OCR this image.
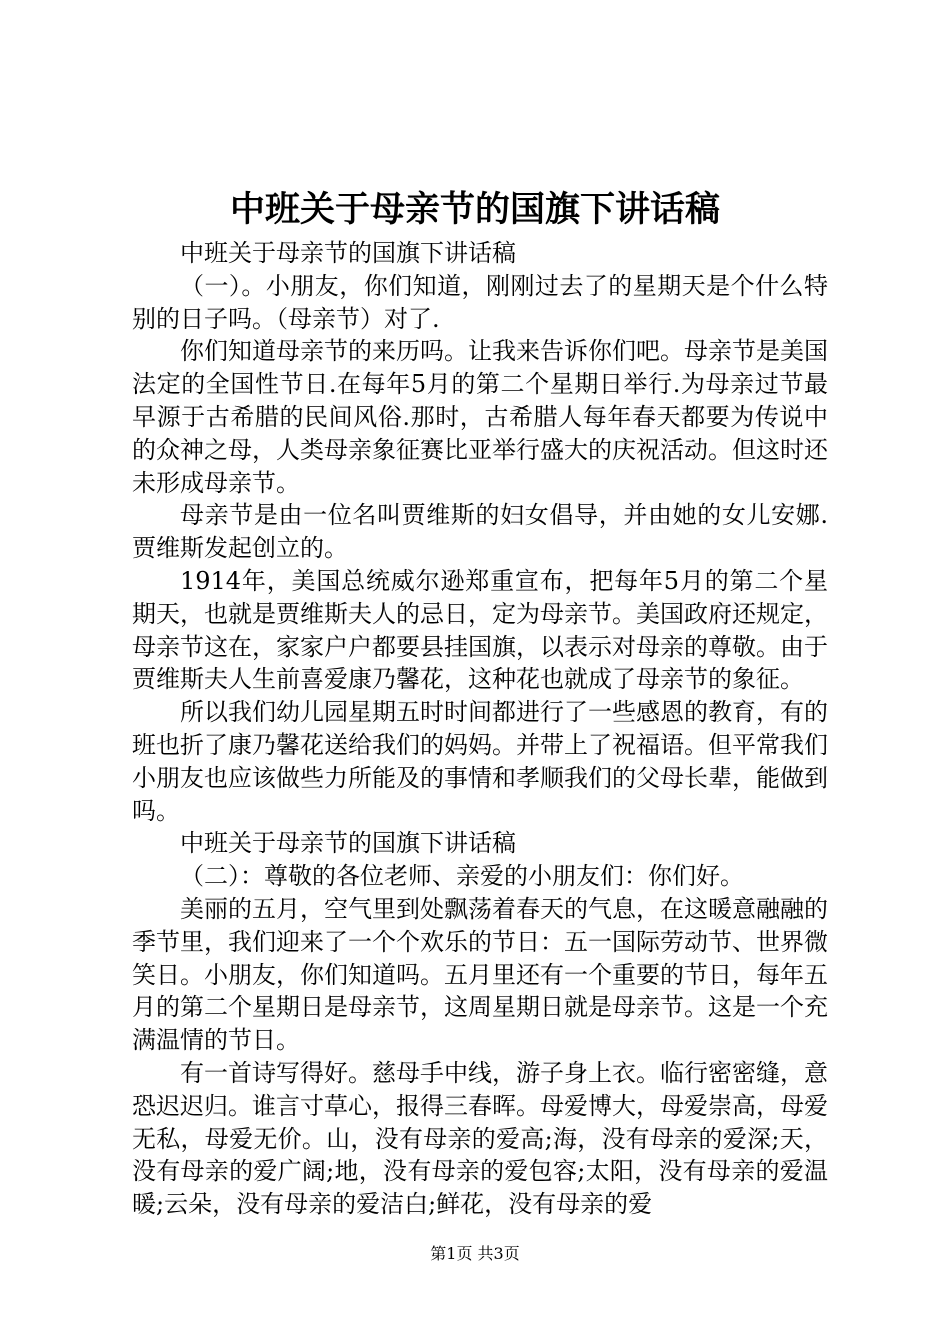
中班关于母亲节的国旗下讲话稿

中班关于母亲节的国旗下讲话稿

（一）。小朋友，你们知道，刚刚过去了的星期天是个什么特别的日子吗。（母亲节）对了.

你们知道母亲节的来历吗。让我来告诉你们吧。母亲节是美国法定的全国性节日.在每年5月的第二个星期日举行.为母亲过节最早源于古希腊的民间风俗.那时，古希腊人每年春天都要为传说中的众神之母，人类母亲象征赛比亚举行盛大的庆祝活动。但这时还未形成母亲节。

母亲节是由一位名叫贾维斯的妇女倡导，并由她的女儿安娜.贾维斯发起创立的。

1914年，美国总统威尔逊郑重宣布，把每年5月的第二个星期天，也就是贾维斯夫人的忌日，定为母亲节。美国政府还规定，母亲节这在，家家户户都要县挂国旗，以表示对母亲的尊敬。由于贾维斯夫人生前喜爱康乃馨花，这种花也就成了母亲节的象征。

所以我们幼儿园星期五时时间都进行了一些感恩的教育，有的班也折了康乃馨花送给我们的妈妈。并带上了祝福语。但平常我们小朋友也应该做些力所能及的事情和孝顺我们的父母长辈，能做到吗。

中班关于母亲节的国旗下讲话稿

（二）：尊敬的各位老师、亲爱的小朋友们：你们好。

美丽的五月，空气里到处飘荡着春天的气息，在这暖意融融的季节里，我们迎来了一个个欢乐的节日：五一国际劳动节、世界微笑日。小朋友，你们知道吗。五月里还有一个重要的节日，每年五月的第二个星期日是母亲节，这周星期日就是母亲节。这是一个充满温情的节日。

有一首诗写得好。慈母手中线，游子身上衣。临行密密缝，意恐迟迟归。谁言寸草心，报得三春晖。母爱博大，母爱崇高，母爱无私，母爱无价。山，没有母亲的爱高;海，没有母亲的爱深;天，没有母亲的爱广阔;地，没有母亲的爱包容;太阳，没有母亲的爱温暖;云朵，没有母亲的爱洁白;鲜花，没有母亲的爱

第1页 共3页
